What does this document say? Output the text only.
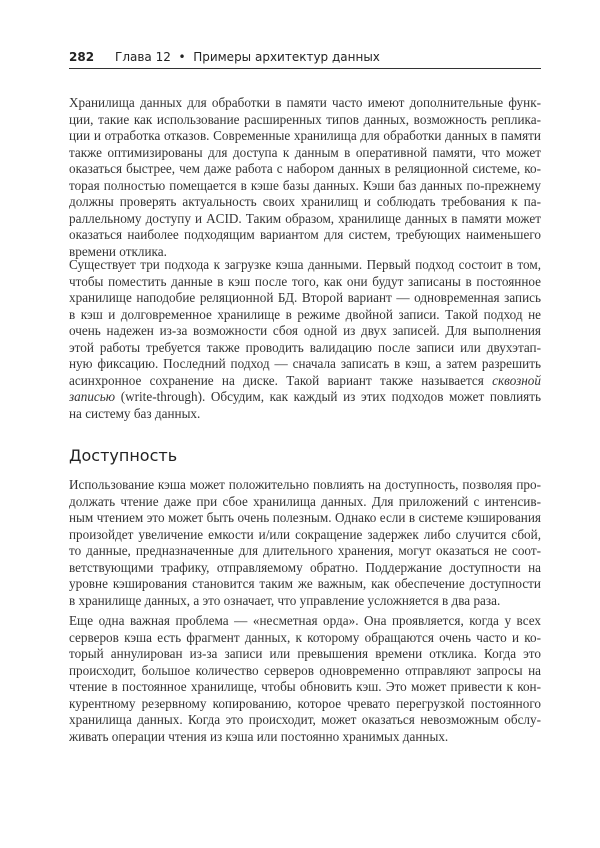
282 Глава 12  •  Примеры архитектур данных
Хранилища данных для обработки в памяти часто имеют дополнительные функ-
ции, такие как использование расширенных типов данных, возможность реплика-
ции и отработка отказов. Современные хранилища для обработки данных в памяти
также оптимизированы для доступа к данным в оперативной памяти, что может
оказаться быстрее, чем даже работа с набором данных в реляционной системе, ко-
торая полностью помещается в кэше базы данных. Кэши баз данных по-прежнему
должны проверять актуальность своих хранилищ и соблюдать требования к па-
раллельному доступу и ACID. Таким образом, хранилище данных в памяти может
оказаться наиболее подходящим вариантом для систем, требующих наименьшего
времени отклика.
Существует три подхода к загрузке кэша данными. Первый подход состоит в том,
чтобы поместить данные в кэш после того, как они будут записаны в постоянное
хранилище наподобие реляционной БД. Второй вариант — одновременная запись
в кэш и долговременное хранилище в режиме двойной записи. Такой подход не
очень надежен из-за возможности сбоя одной из двух записей. Для выполнения
этой работы требуется также проводить валидацию после записи или двухэтап-
ную фиксацию. Последний подход — сначала записать в кэш, а затем разрешить
асинхронное сохранение на диске. Такой вариант также называется сквозной
записью (write-through). Обсудим, как каждый из этих подходов может повлиять
на систему баз данных.
Доступность
Использование кэша может положительно повлиять на доступность, позволяя про-
должать чтение даже при сбое хранилища данных. Для приложений с интенсив-
ным чтением это может быть очень полезным. Однако если в системе кэширования
произойдет увеличение емкости и/или сокращение задержек либо случится сбой,
то данные, предназначенные для длительного хранения, могут оказаться не соот-
ветствующими трафику, отправляемому обратно. Поддержание доступности на
уровне кэширования становится таким же важным, как обеспечение доступности
в хранилище данных, а это означает, что управление усложняется в два раза.
Еще одна важная проблема — «несметная орда». Она проявляется, когда у всех
серверов кэша есть фрагмент данных, к которому обращаются очень часто и ко-
торый аннулирован из-за записи или превышения времени отклика. Когда это
происходит, большое количество серверов одновременно отправляют запросы на
чтение в постоянное хранилище, чтобы обновить кэш. Это может привести к кон-
курентному резервному копированию, которое чревато перегрузкой постоянного
хранилища данных. Когда это происходит, может оказаться невозможным обслу-
живать операции чтения из кэша или постоянно хранимых данных.
